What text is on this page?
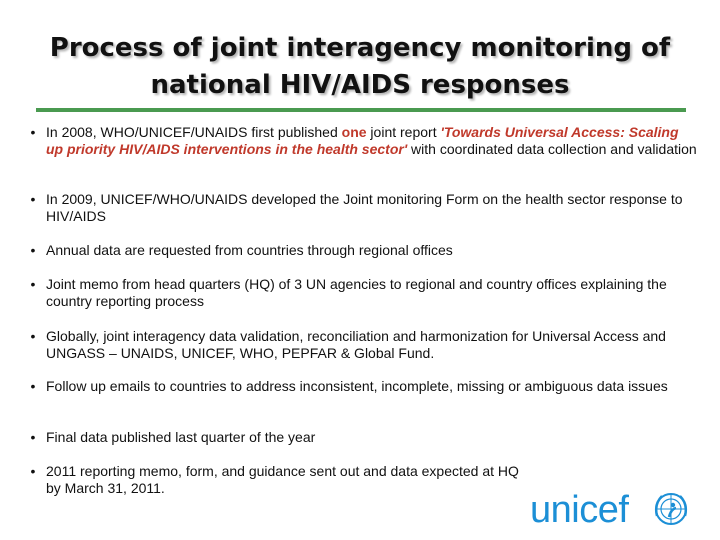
Process of joint interagency monitoring of
national HIV/AIDS responses
• In 2008, WHO/UNICEF/UNAIDS first published one joint report 'Towards Universal Access: Scaling up priority HIV/AIDS interventions in the health sector' with coordinated data collection and validation
• In 2009, UNICEF/WHO/UNAIDS developed the Joint monitoring Form on the health sector response to HIV/AIDS
• Annual data are requested from countries through regional offices
• Joint memo from head quarters (HQ) of 3 UN agencies to regional and country offices explaining the country reporting process
• Globally, joint interagency data validation, reconciliation and harmonization for Universal Access and UNGASS – UNAIDS, UNICEF, WHO, PEPFAR & Global Fund.
• Follow up emails to countries to address inconsistent, incomplete, missing or ambiguous data issues
• Final data published last quarter of the year
• 2011 reporting memo, form, and guidance sent out and data expected at HQ by March 31, 2011.
unicef
